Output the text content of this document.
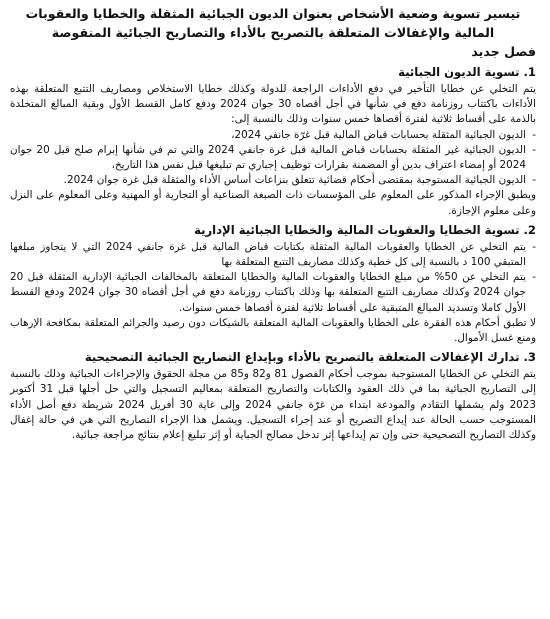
تيسير تسوية وضعية الأشخاص بعنوان الديون الجبائية المثقلة والخطايا والعقوبات
المالية والإغفالات المتعلقة بالتصريح بالأداء والتصاريح الجبائية المنقوصة
فصل جديد
1. تسوية الديون الجبائية

يتم التخلي عن خطايا التأخير في دفع الأداءات الراجعة للدولة وكذلك خطايا الاستخلاص ومصاريف التتبع المتعلقة بهذه الأداءات باكتتاب روزنامة دفع في شأنها في أجل أقصاه 30 جوان 2024 ودفع كامل القسط الأول وبقية المبالغ المتخلدة بالذمة على أقساط ثلاثية لفترة أقصاها خمس سنوات وذلك بالنسبة إلى:

- الديون الجبائية المثقلة بحسابات قباض المالية قبل غرّة جانفي 2024،
- الديون الجبائية غير المثقلة بحسابات قباض المالية قبل غرة جانفي 2024 والتي تم في شأنها إبرام صلح قبل 20 جوان 2024 أو إمضاء اعتراف بدين أو المضمنة بقرارات توظيف إجباري تم تبليغها قبل نفس هذا التاريخ،
- الديون الجبائية المستوجبة بمقتضى أحكام قضائية تتعلق بنزاعات أساس الأداء والمثقلة قبل غرة جوان 2024.

ويطبق الإجراء المذكور على المعلوم على المؤسسات ذات الصبغة الصناعية أو التجارية أو المهنية وعلى المعلوم على النزل وعلى معلوم الإجازة.

2. تسوية الخطايا والعقوبات المالية والخطايا الجبائية الإدارية
- يتم التخلي عن الخطايا والعقوبات المالية المثقلة بكتابات قباض المالية قبل غرة جانفي 2024 التي لا يتجاوز مبلغها المتبقي 100 د بالنسبة إلى كل خطية وكذلك مصاريف التتبع المتعلقة بها
- يتم التخلي عن 50% من مبلغ الخطايا والعقوبات المالية والخطايا المتعلقة بالمخالفات الجبائية الإدارية المثقلة قبل 20 جوان 2024 وكذلك مصاريف التتبع المتعلقة بها وذلك باكتتاب روزنامة دفع في أجل أقصاه 30 جوان 2024 ودفع القسط الأول كاملا وتسديد المبالغ المتبقية على أقساط ثلاثية لفترة أقصاها خمس سنوات.

لا تطبق أحكام هذه الفقرة على الخطايا والعقوبات المالية المتعلقة بالشيكات دون رصيد والجرائم المتعلقة بمكافحة الإرهاب ومنع غسل الأموال.

3. تدارك الإغفالات المتعلقة بالتصريح بالأداء وبإيداع التصاريح الجبائية التصحيحية

يتم التخلي عن الخطايا المستوجبة بموجب أحكام الفصول 81 و82 و85 من مجلة الحقوق والإجراءات الجبائية وذلك بالنسبة إلى التصاريح الجبائية بما في ذلك العقود والكتابات والتصاريح المتعلقة بمعاليم التسجيل والتي حل أجلها قبل 31 أكتوبر 2023 ولم يشملها التقادم والمودعة ابتداء من غرّة جانفي 2024 وإلى غاية 30 أفريل 2024 شريطة دفع أصل الأداء المستوجب حسب الحالة عند إيداع التصريح أو عند إجراء التسجيل. ويشمل هذا الإجراء التصاريح التي هي في حالة إغفال وكذلك التصاريح التصحيحية حتى وإن تم إيداعها إثر تدخل مصالح الجباية أو إثر تبليغ إعلام بنتائج مراجعة جبائية.
